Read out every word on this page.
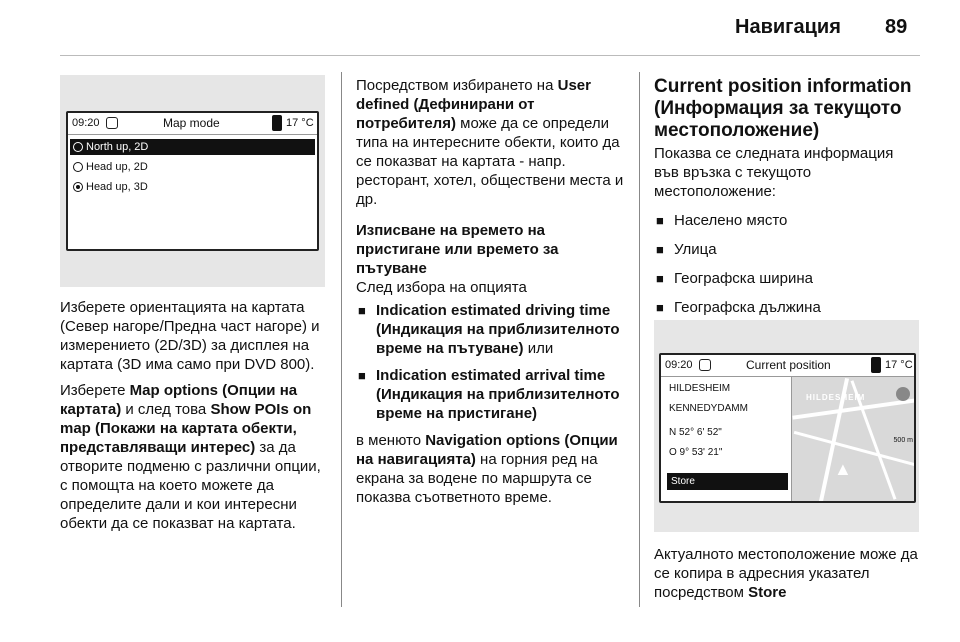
Навигация 89
09:20	Map mode	17 °C
North up, 2D
Head up, 2D
Head up, 3D

Изберете ориентацията на картата (Север нагоре/Предна част нагоре) и измерението (2D/3D) за дисплея на картата (3D има само при DVD 800).

Изберете Map options (Опции на картата) и след това Show POIs on map (Покажи на картата обекти, представляващи интерес) за да отворите подменю с различни опции, с помощта на което можете да определите дали и кои интересни обекти да се показват на картата.

Посредством избирането на User defined (Дефинирани от потребителя) може да се определи типа на интересните обекти, които да се показват на картата - напр. ресторант, хотел, обществени места и др.

Изписване на времето на пристигане или времето за пътуване

След избора на опцията

■ Indication estimated driving time (Индикация на приблизителното време на пътуване) или
■ Indication estimated arrival time (Индикация на приблизителното време на пристигане)

в менюто Navigation options (Опции на навигацията) на горния ред на екрана за водене по маршрута се показва съответното време.

Current position information (Информация за текущото местоположение)

Показва се следната информация във връзка с текущото местоположение:

■ Населено място
■ Улица
■ Географска ширина
■ Географска дължина
■
09:20	Current position	17 °C
HILDESHEIM
KENNEDYDAMM
N 52° 6' 52"
O 9° 53' 21"
Store
HILDESHEIM
500 m
▲
Актуалното местоположение може да се копира в адресния указател посредством Store
